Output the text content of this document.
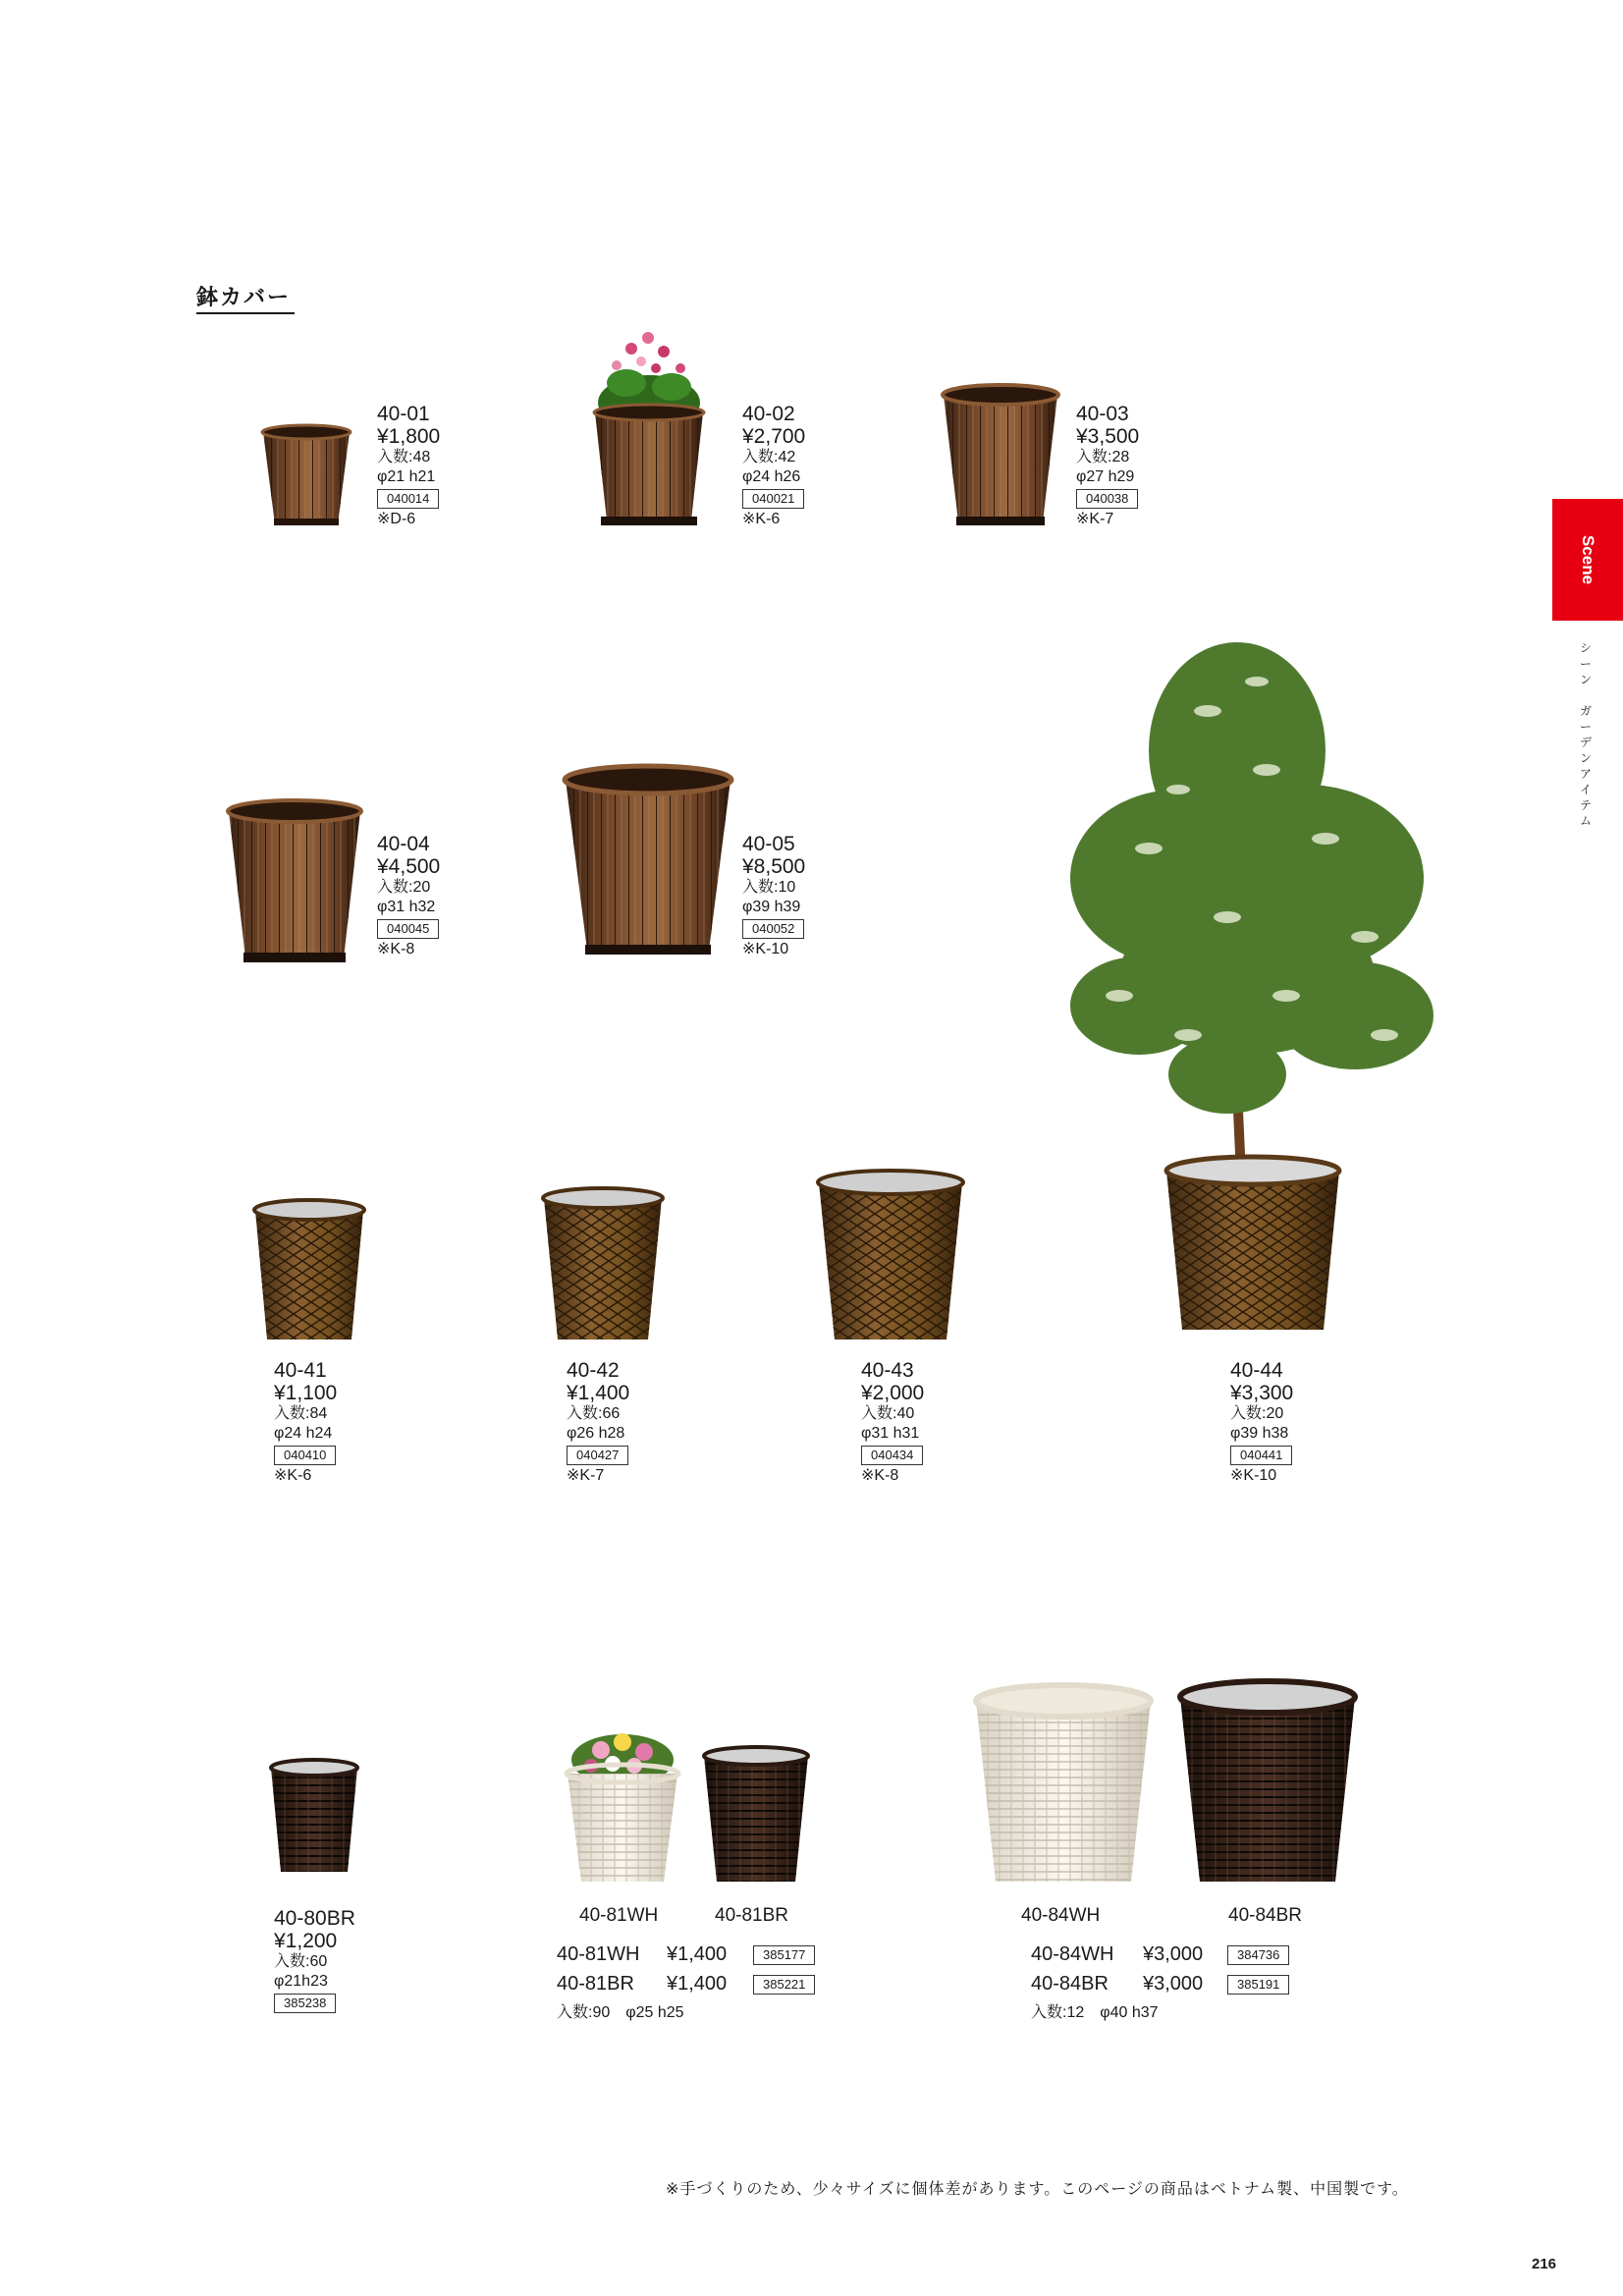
鉢カバー
Scene
シ
ー
ン

ガ
ー
デ
ン
ア
イ
テ
ム
40-01
¥1,800
入数:48
φ21 h21
040014
※D-6
40-02
¥2,700
入数:42
φ24 h26
040021
※K-6
40-03
¥3,500
入数:28
φ27 h29
040038
※K-7
40-04
¥4,500
入数:20
φ31 h32
040045
※K-8
40-05
¥8,500
入数:10
φ39 h39
040052
※K-10
40-41
¥1,100
入数:84
φ24 h24
040410
※K-6
40-42
¥1,400
入数:66
φ26 h28
040427
※K-7
40-43
¥2,000
入数:40
φ31 h31
040434
※K-8
40-44
¥3,300
入数:20
φ39 h38
040441
※K-10
40-80BR
¥1,200
入数:60
φ21h23
385238
40-81WH	40-81BR
40-81WH ¥1,400	385177
40-81BR ¥1,400	385221
入数:90　φ25 h25
40-84WH	40-84BR
40-84WH ¥3,000	384736
40-84BR ¥3,000	385191
入数:12　φ40 h37
※手づくりのため、少々サイズに個体差があります。このページの商品はベトナム製、中国製です。
216
